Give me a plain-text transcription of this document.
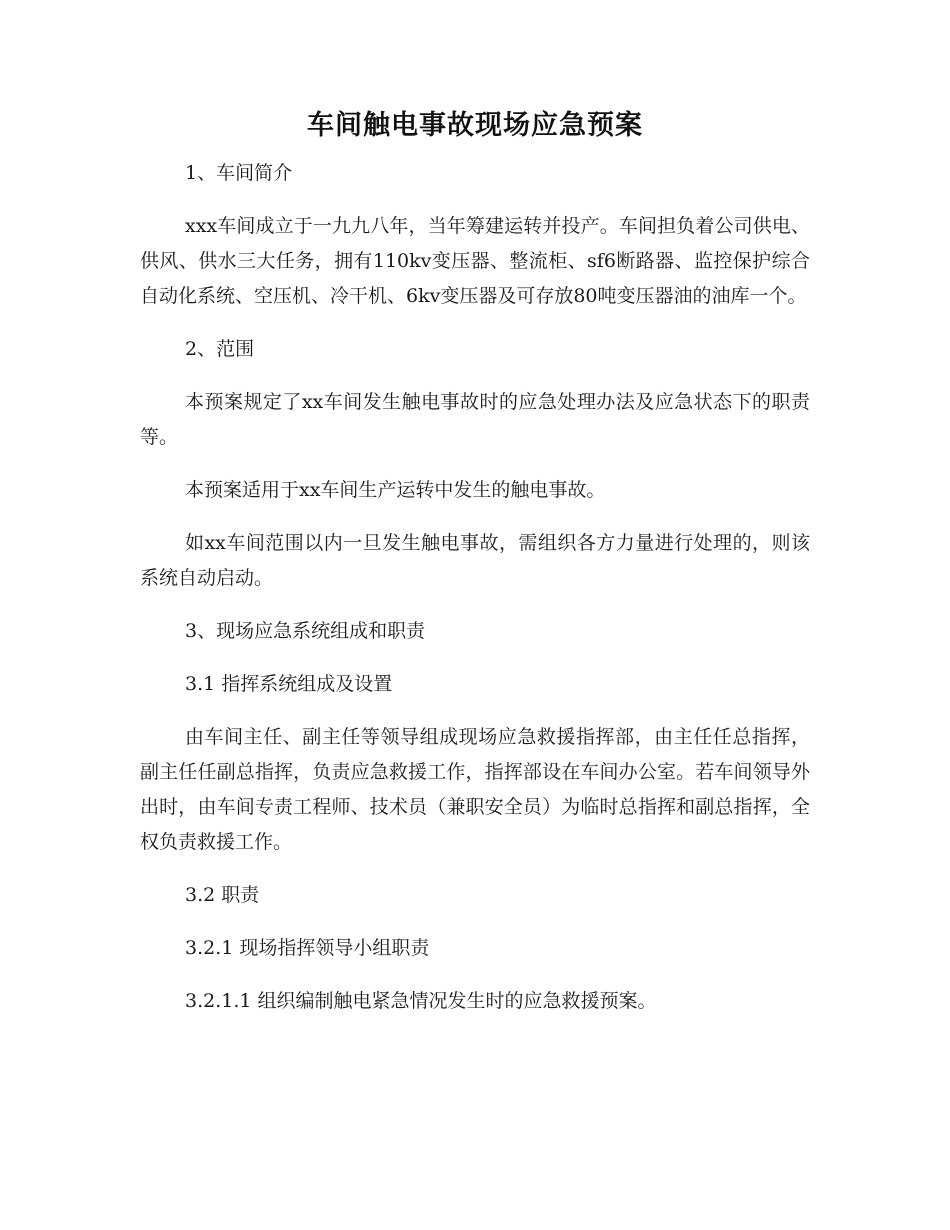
车间触电事故现场应急预案

1、车间简介

xxx车间成立于一九九八年，当年筹建运转并投产。车间担负着公司供电、供风、供水三大任务，拥有110kv变压器、整流柜、sf6断路器、监控保护综合自动化系统、空压机、冷干机、6kv变压器及可存放80吨变压器油的油库一个。

2、范围

本预案规定了xx车间发生触电事故时的应急处理办法及应急状态下的职责等。

本预案适用于xx车间生产运转中发生的触电事故。

如xx车间范围以内一旦发生触电事故，需组织各方力量进行处理的，则该系统自动启动。

3、现场应急系统组成和职责

3.1 指挥系统组成及设置

由车间主任、副主任等领导组成现场应急救援指挥部，由主任任总指挥，副主任任副总指挥，负责应急救援工作，指挥部设在车间办公室。若车间领导外出时，由车间专责工程师、技术员（兼职安全员）为临时总指挥和副总指挥，全权负责救援工作。

3.2 职责

3.2.1 现场指挥领导小组职责

3.2.1.1 组织编制触电紧急情况发生时的应急救援预案。
